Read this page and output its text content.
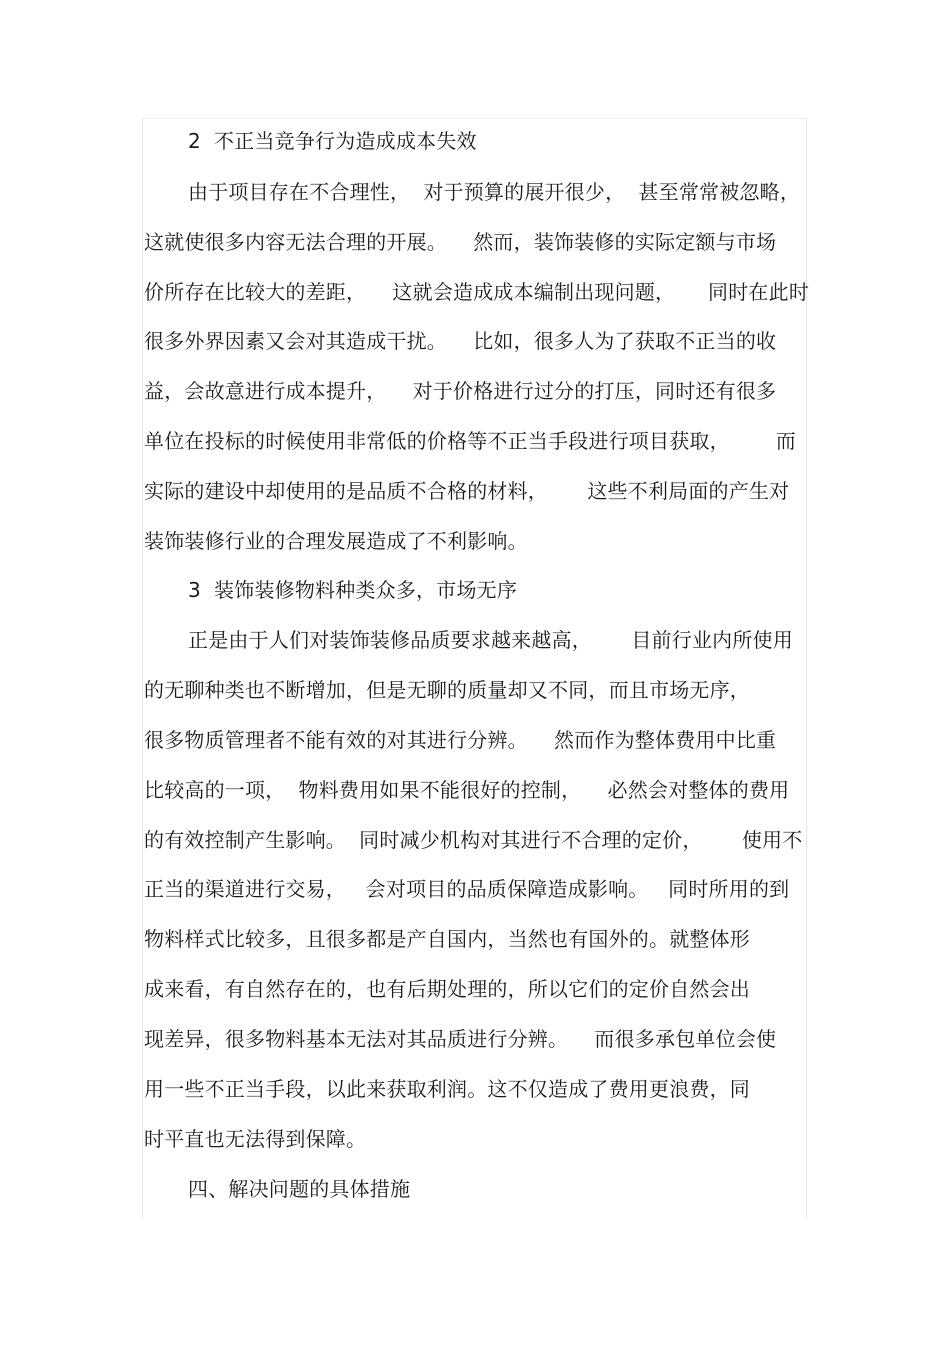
2  不正当竞争行为造成成本失效
由于项目存在不合理性，  对于预算的展开很少，  甚至常常被忽略，
这就使很多内容无法合理的开展。    然而，装饰装修的实际定额与市场
价所存在比较大的差距，    这就会造成成本编制出现问题，     同时在此时
很多外界因素又会对其造成干扰。    比如，很多人为了获取不正当的收
益，会故意进行成本提升，    对于价格进行过分的打压，同时还有很多
单位在投标的时候使用非常低的价格等不正当手段进行项目获取，       而
实际的建设中却使用的是品质不合格的材料，      这些不利局面的产生对
装饰装修行业的合理发展造成了不利影响。
3  装饰装修物料种类众多，市场无序
正是由于人们对装饰装修品质要求越来越高，      目前行业内所使用
的无聊种类也不断增加，但是无聊的质量却又不同，而且市场无序，
很多物质管理者不能有效的对其进行分辨。    然而作为整体费用中比重
比较高的一项，  物料费用如果不能很好的控制，    必然会对整体的费用
的有效控制产生影响。  同时减少机构对其进行不合理的定价，      使用不
正当的渠道进行交易，   会对项目的品质保障造成影响。   同时所用的到
物料样式比较多，且很多都是产自国内，当然也有国外的。就整体形
成来看，有自然存在的，也有后期处理的，所以它们的定价自然会出
现差异，很多物料基本无法对其品质进行分辨。    而很多承包单位会使
用一些不正当手段，以此来获取利润。这不仅造成了费用更浪费，同
时平直也无法得到保障。
四、解决问题的具体措施
